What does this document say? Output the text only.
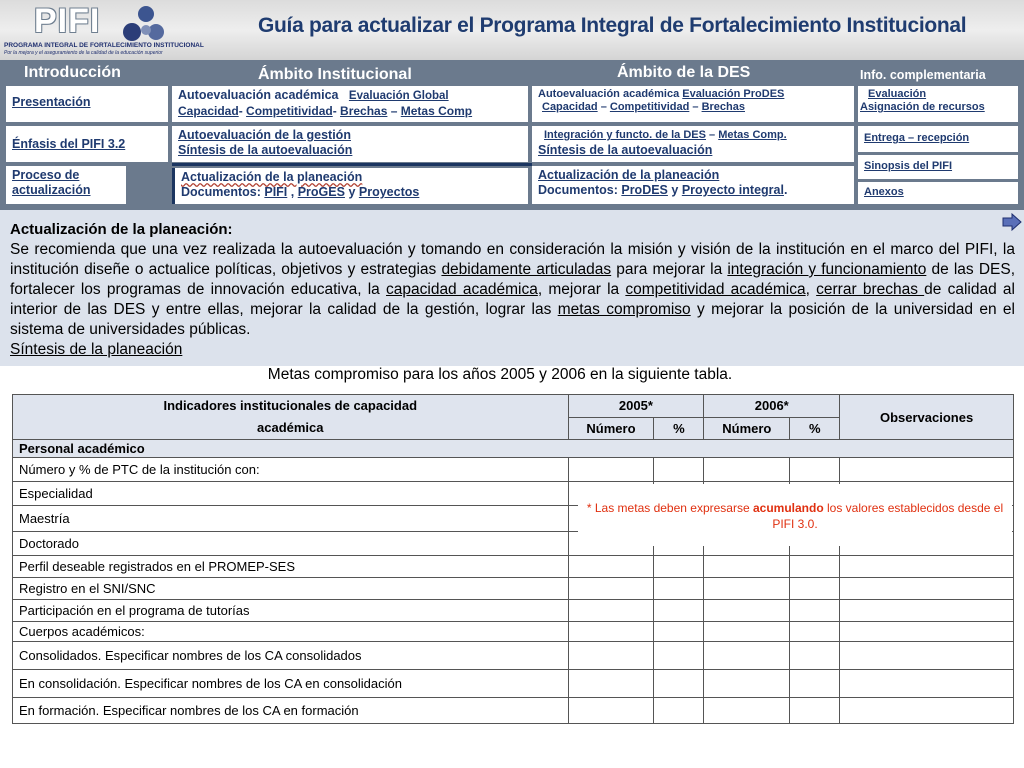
PIFI
PROGRAMA INTEGRAL DE FORTALECIMIENTO INSTITUCIONAL
Por la mejora y el aseguramiento de la calidad de la educación superior
Guía para actualizar el Programa Integral de Fortalecimiento Institucional
Introducción	Ámbito Institucional	Ámbito de la DES	Info. complementaria
Presentación
Énfasis del PIFI 3.2
Proceso de actualización
Autoevaluación académica Evaluación Global
Capacidad- Competitividad- Brechas – Metas Comp
Autoevaluación de la gestión
Síntesis de la autoevaluación
Actualización de la planeación
Documentos: PIFI , ProGES y Proyectos
Autoevaluación académica Evaluación ProDES
Capacidad – Competitividad – Brechas
Integración y functo. de la DES – Metas Comp.
Síntesis de la autoevaluación
Actualización de la planeación
Documentos: ProDES y Proyecto integral.
Evaluación
Asignación de recursos
Entrega – recepción
Sinopsis del PIFI
Anexos
Actualización de la planeación:
Se recomienda que una vez realizada la autoevaluación y tomando en consideración la misión y visión de la institución en el marco del PIFI, la institución diseñe o actualice políticas, objetivos y estrategias debidamente articuladas para mejorar la integración y funcionamiento de las DES, fortalecer los programas de innovación educativa, la capacidad académica, mejorar la competitividad académica, cerrar brechas de calidad al interior de las DES y entre ellas, mejorar la calidad de la gestión, lograr las metas compromiso y mejorar la posición de la universidad en el sistema de universidades públicas.
Síntesis de la planeación
Metas compromiso para los años 2005 y 2006 en la siguiente tabla.
Indicadores institucionales de capacidad
académica	2005*		2006*		Observaciones
	Número	%	Número	%	
Personal académico					
Número y % de PTC de la institución con:					
Especialidad					
Maestría					
Doctorado					
Perfil deseable registrados en el PROMEP-SES					
Registro en el SNI/SNC					
Participación en el programa de tutorías					
Cuerpos académicos:					
Consolidados. Especificar nombres de los CA consolidados					
En consolidación. Especificar nombres de los CA en consolidación					
En formación. Especificar nombres de los CA en formación					
* Las metas deben expresarse acumulando los valores establecidos desde el PIFI 3.0.
